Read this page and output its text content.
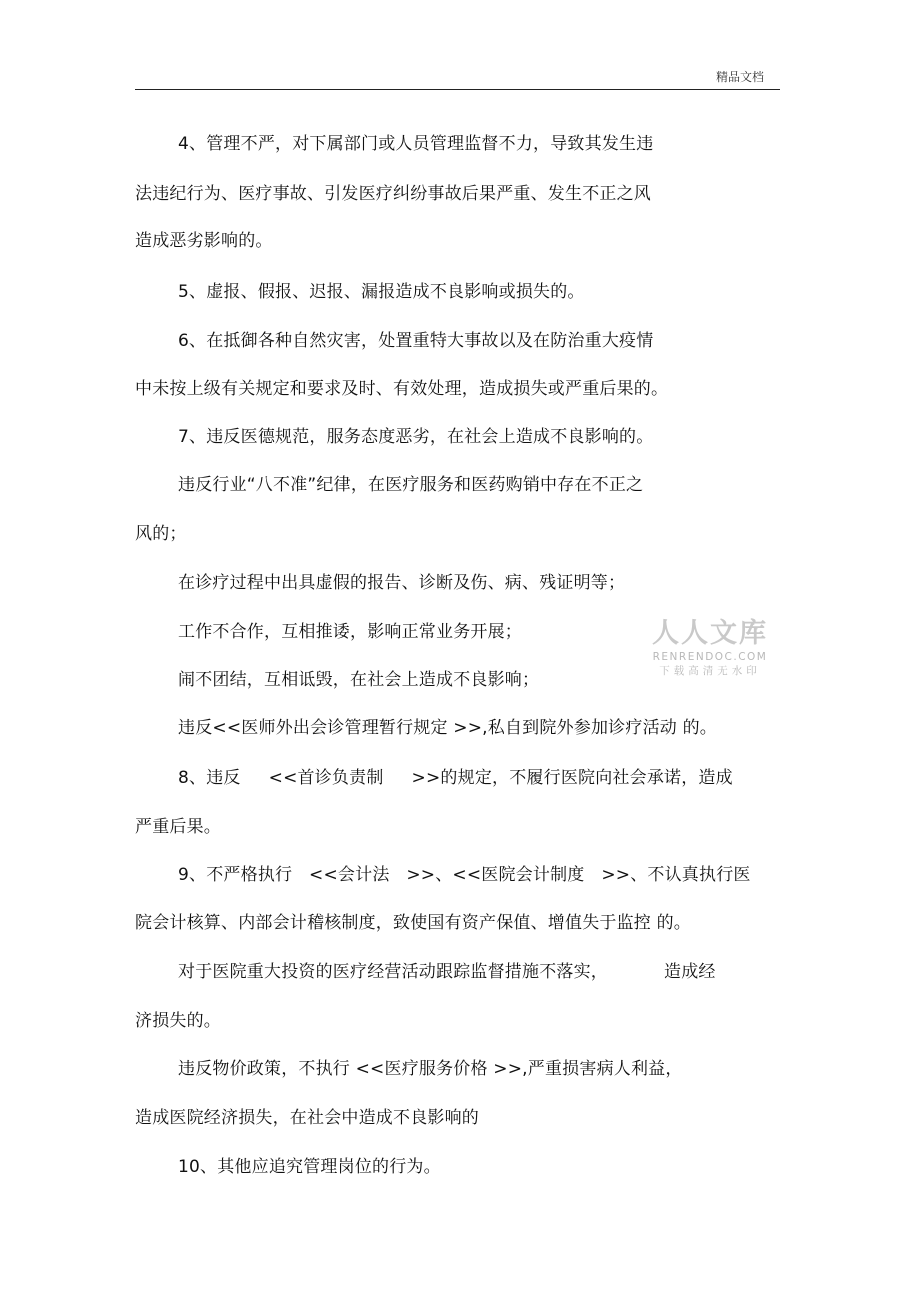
精品文档
4、管理不严，对下属部门或人员管理监督不力，导致其发生违
法违纪行为、医疗事故、引发医疗纠纷事故后果严重、发生不正之风
造成恶劣影响的。
5、虚报、假报、迟报、漏报造成不良影响或损失的。
6、在抵御各种自然灾害，处置重特大事故以及在防治重大疫情
中未按上级有关规定和要求及时、有效处理，造成损失或严重后果的。
7、违反医德规范，服务态度恶劣，在社会上造成不良影响的。
违反行业“八不准”纪律，在医疗服务和医药购销中存在不正之
风的；
在诊疗过程中出具虚假的报告、诊断及伤、病、残证明等；
工作不合作，互相推诿，影响正常业务开展；
闹不团结，互相诋毁，在社会上造成不良影响；
违反<<医师外出会诊管理暂行规定 >>,私自到院外参加诊疗活动 的。
8、违反     <<首诊负责制     >>的规定，不履行医院向社会承诺，造成
严重后果。
9、不严格执行   <<会计法   >>、<<医院会计制度   >>、不认真执行医
院会计核算、内部会计稽核制度，致使国有资产保值、增值失于监控 的。
对于医院重大投资的医疗经营活动跟踪监督措施不落实，          造成经
济损失的。
违反物价政策，不执行 <<医疗服务价格 >>,严重损害病人利益，
造成医院经济损失，在社会中造成不良影响的
10、其他应追究管理岗位的行为。
人人文库
RENRENDOC.COM
下载高清无水印
